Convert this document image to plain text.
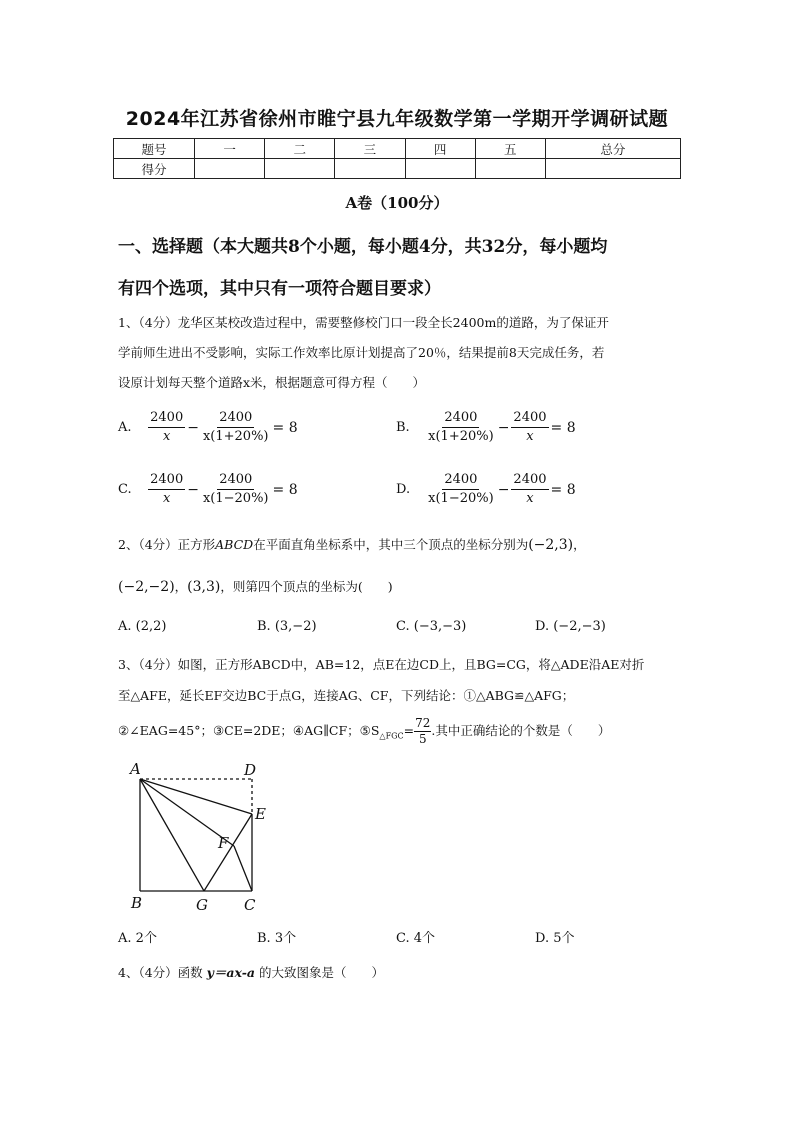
2024年江苏省徐州市睢宁县九年级数学第一学期开学调研试题
题号	一	二	三	四	五	总分
得分						
A卷（100分）
一、选择题（本大题共8个小题，每小题4分，共32分，每小题均
有四个选项，其中只有一项符合题目要求）
1、（4分）龙华区某校改造过程中，需要整修校门口一段全长2400m的道路，为了保证开
学前师生进出不受影响，实际工作效率比原计划提高了20％，结果提前8天完成任务，若
设原计划每天整个道路x米，根据题意可得方程（　　）
A. $\frac{2400}{x} - \frac{2400}{x(1+20\%)} = 8$	B. $\frac{2400}{x(1+20\%)} - \frac{2400}{x} = 8$
C. $\frac{2400}{x} - \frac{2400}{x(1-20\%)} = 8$	D. $\frac{2400}{x(1-20\%)} - \frac{2400}{x} = 8$
2、（4分）正方形ABCD在平面直角坐标系中，其中三个顶点的坐标分别为(−2,3)，
(−2,−2)，(3,3)，则第四个顶点的坐标为(　　)
A. (2,2)	B. (3,−2)	C. (−3,−3)	D. (−2,−3)
3、（4分）如图，正方形ABCD中，AB=12，点E在边CD上，且BG=CG，将△ADE沿AE对折
至△AFE，延长EF交边BC于点G，连接AG、CF，下列结论：①△ABG≌△AFG；
②∠EAG=45°；③CE=2DE；④AG∥CF；$⑤S_{\triangle FGC}= \frac{72}{5}$ .其中正确结论的个数是（　　）
A	D
E
F
B	G C
A. 2个	B. 3个	C. 4个	D. 5个
4、（4分）函数 y＝ax-a 的大致图象是（　　）
